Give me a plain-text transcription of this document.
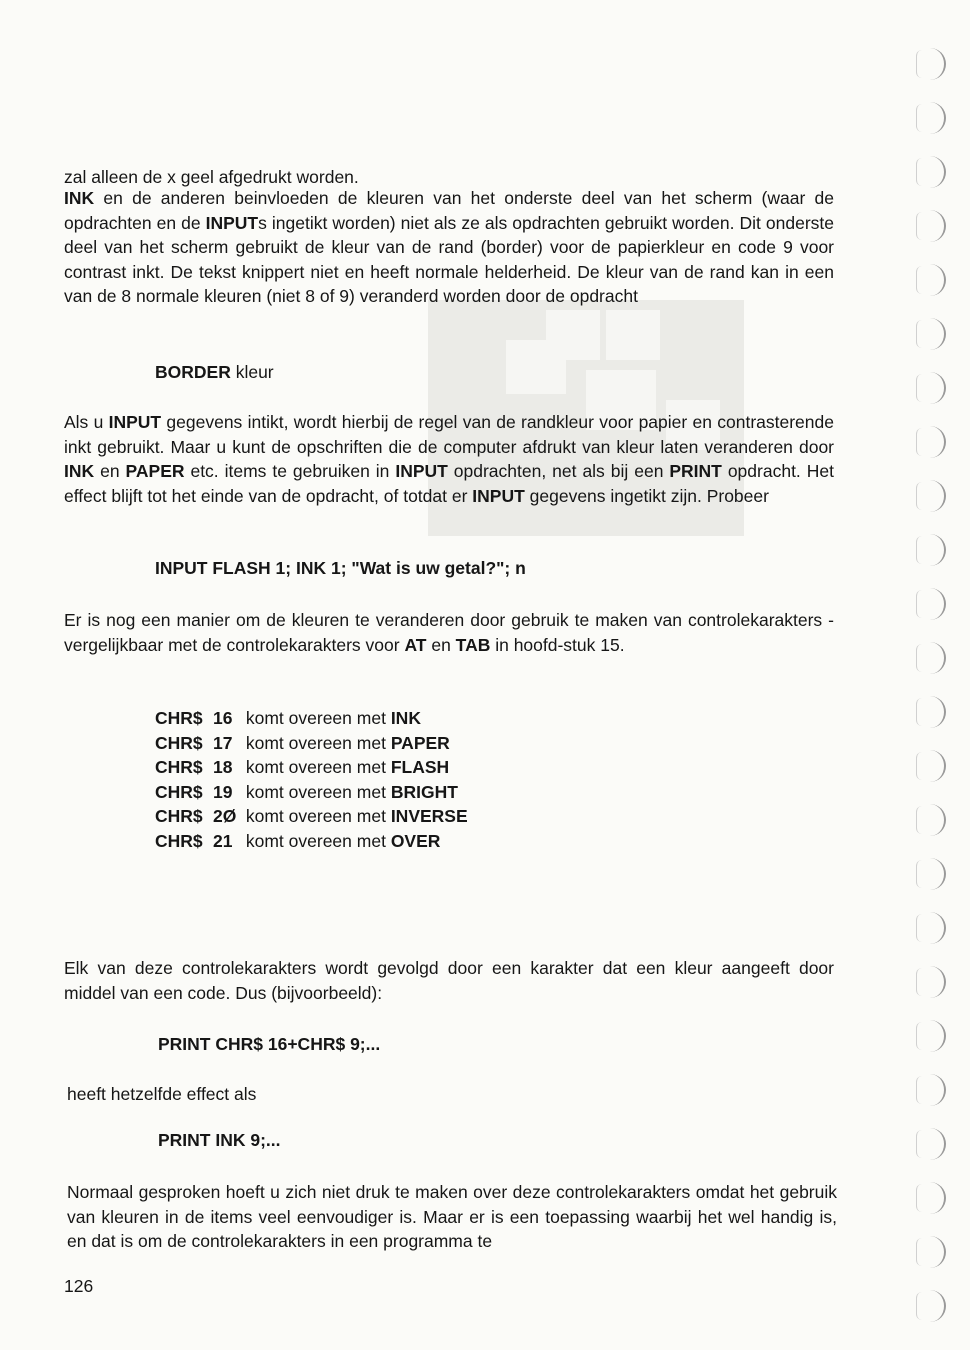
zal alleen de x geel afgedrukt worden.

INK en de anderen beinvloeden de kleuren van het onderste deel van het scherm (waar de opdrachten en de INPUTs ingetikt worden) niet als ze als opdrachten gebruikt worden. Dit onderste deel van het scherm gebruikt de kleur van de rand (border) voor de papierkleur en code 9 voor contrast inkt. De tekst knippert niet en heeft normale helderheid. De kleur van de rand kan in een van de 8 normale kleuren (niet 8 of 9) veranderd worden door de opdracht

BORDER kleur

Als u INPUT gegevens intikt, wordt hierbij de regel van de randkleur voor papier en contrasterende inkt gebruikt. Maar u kunt de opschriften die de computer afdrukt van kleur laten veranderen door INK en PAPER etc. items te gebruiken in INPUT opdrachten, net als bij een PRINT opdracht. Het effect blijft tot het einde van de opdracht, of totdat er INPUT gegevens ingetikt zijn. Probeer

INPUT FLASH 1; INK 1; "Wat is uw getal?"; n

Er is nog een manier om de kleuren te veranderen door gebruik te maken van controlekarakters - vergelijkbaar met de controlekarakters voor AT en TAB in hoofd-stuk 15.

CHR$ 16 komt overeen met INK
CHR$ 17 komt overeen met PAPER
CHR$ 18 komt overeen met FLASH
CHR$ 19 komt overeen met BRIGHT
CHR$ 2Ø komt overeen met INVERSE
CHR$ 21 komt overeen met OVER

Elk van deze controlekarakters wordt gevolgd door een karakter dat een kleur aangeeft door middel van een code. Dus (bijvoorbeeld):

PRINT CHR$ 16+CHR$ 9;...

heeft hetzelfde effect als

PRINT INK 9;...

Normaal gesproken hoeft u zich niet druk te maken over deze controlekarakters omdat het gebruik van kleuren in de items veel eenvoudiger is. Maar er is een toepassing waarbij het wel handig is, en dat is om de controlekarakters in een programma te

126
